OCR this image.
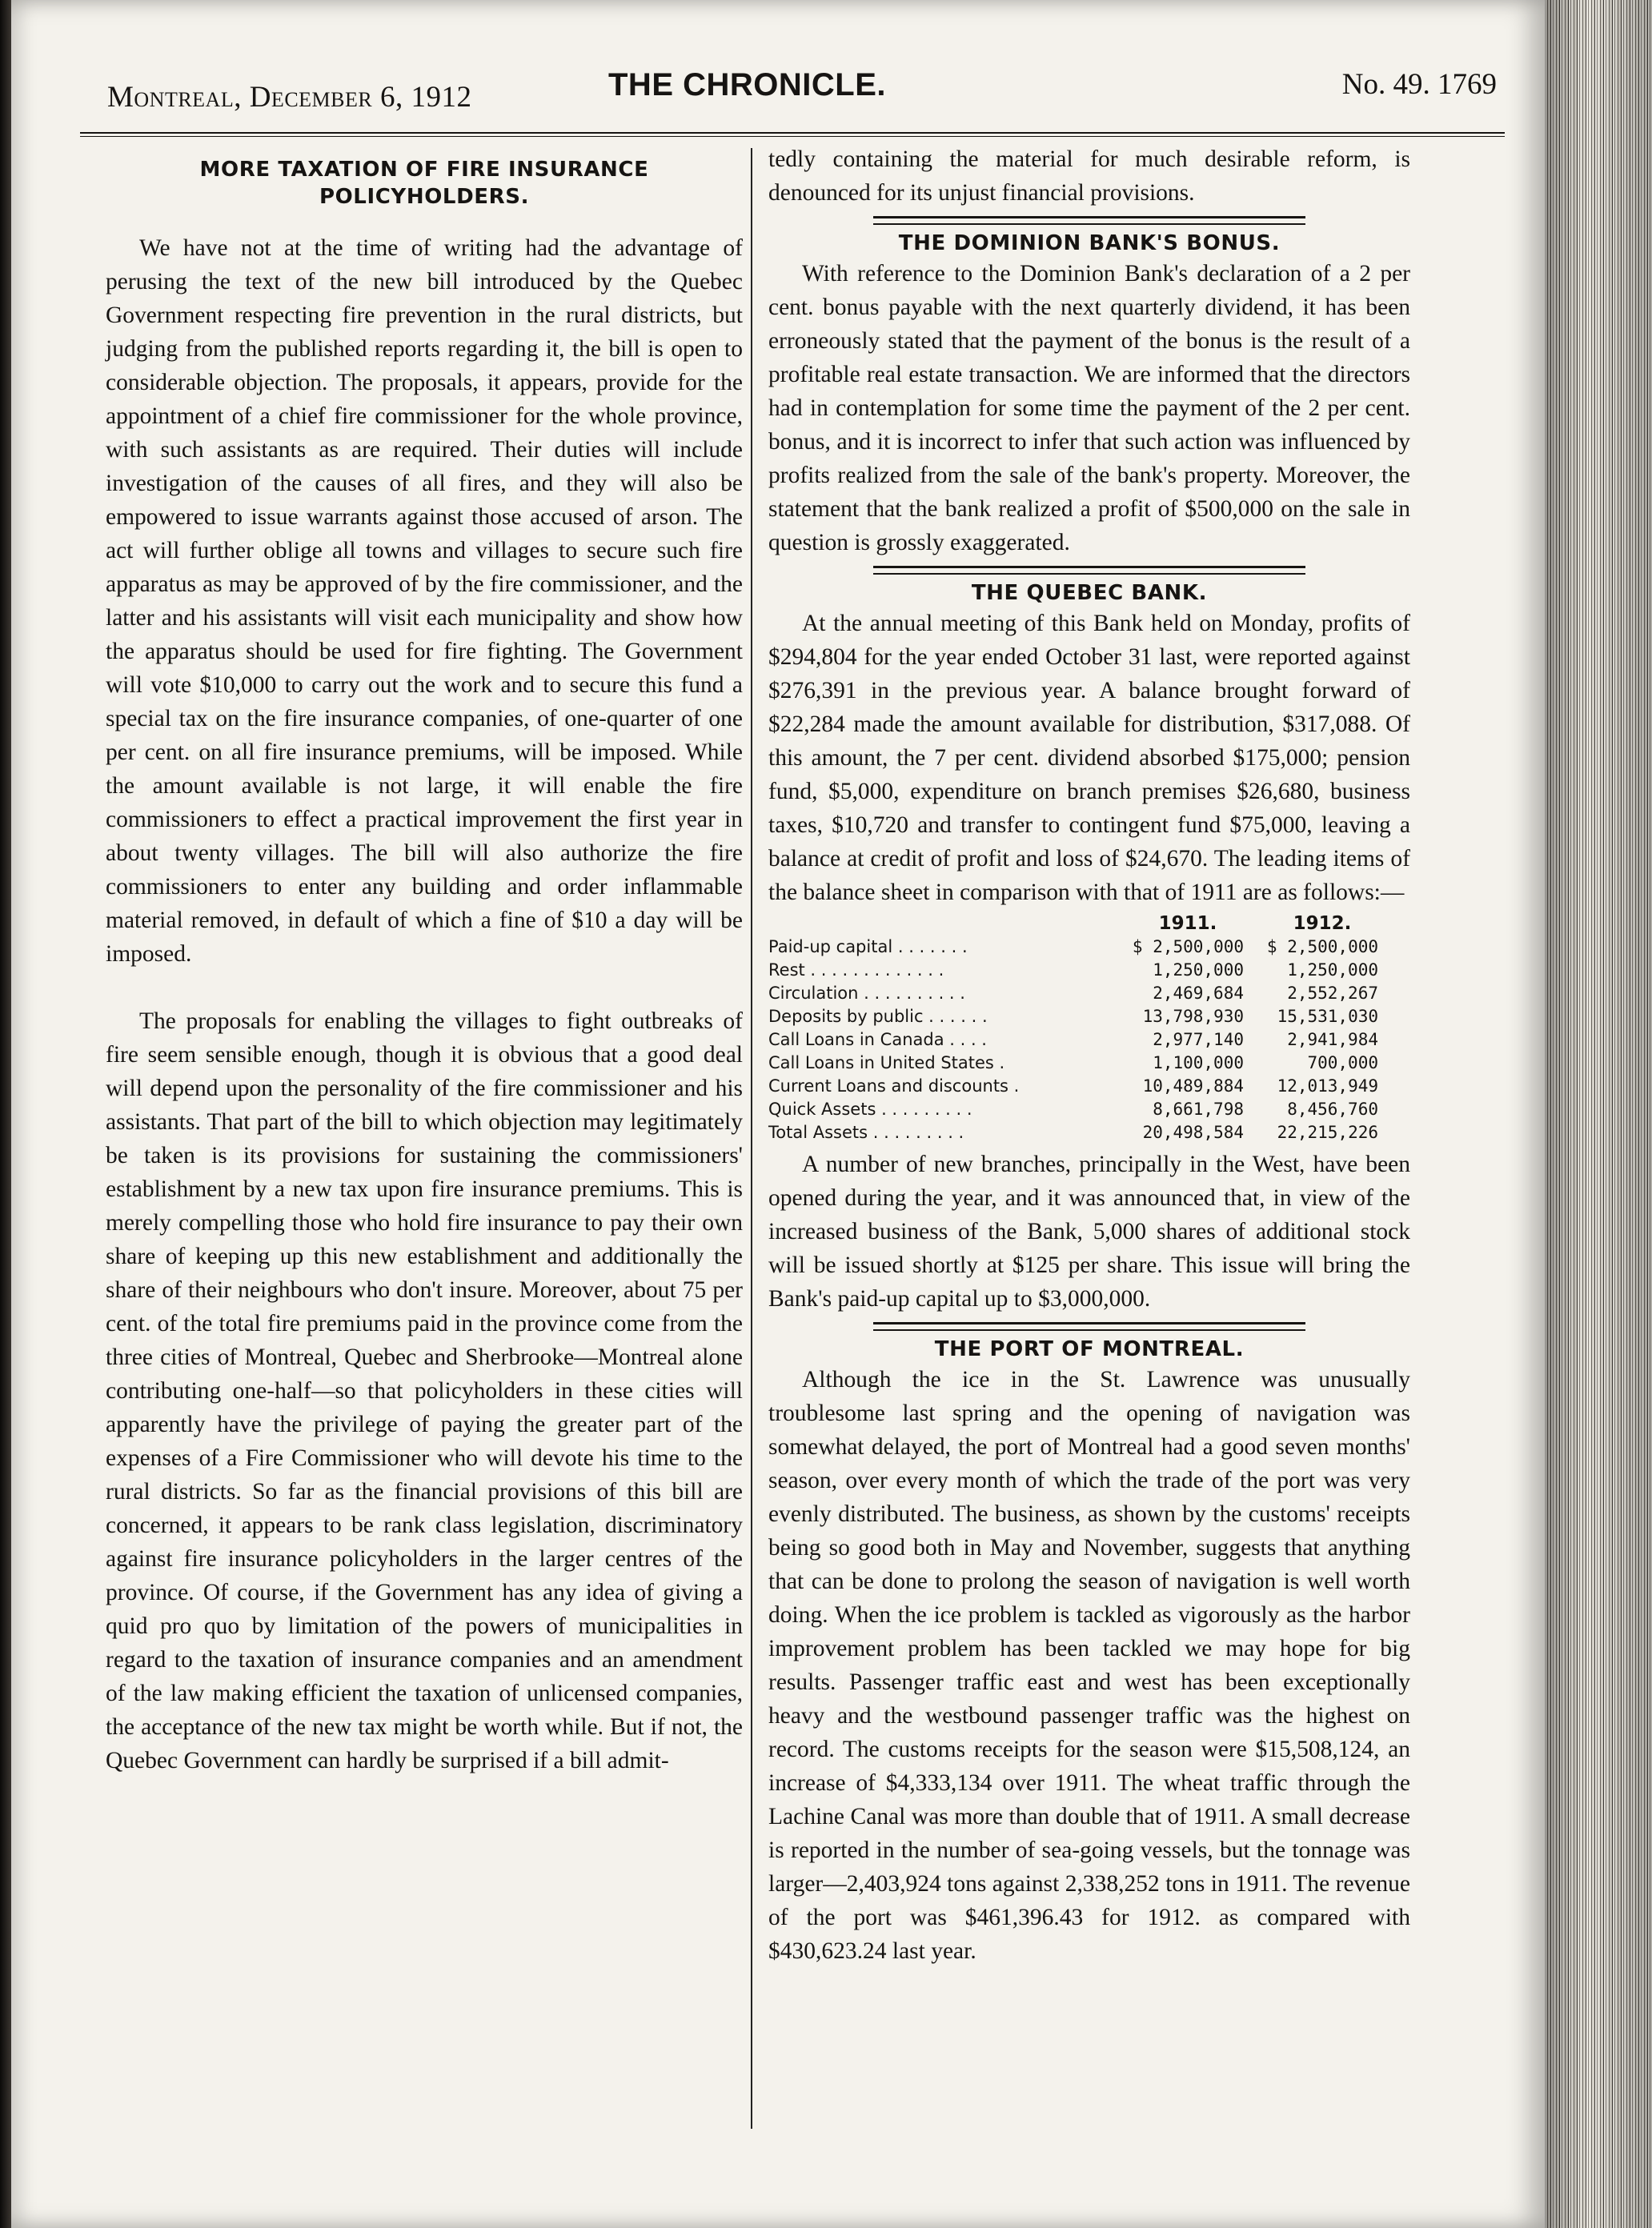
Montreal, December 6, 1912	THE CHRONICLE.	No. 49. 1769
MORE TAXATION OF FIRE INSURANCE POLICYHOLDERS.

We have not at the time of writing had the advantage of perusing the text of the new bill introduced by the Quebec Government respecting fire prevention in the rural districts, but judging from the published reports regarding it, the bill is open to considerable objection. The proposals, it appears, provide for the appointment of a chief fire commissioner for the whole province, with such assistants as are required. Their duties will include investigation of the causes of all fires, and they will also be empowered to issue warrants against those accused of arson. The act will further oblige all towns and villages to secure such fire apparatus as may be approved of by the fire commissioner, and the latter and his assistants will visit each municipality and show how the apparatus should be used for fire fighting. The Government will vote $10,000 to carry out the work and to secure this fund a special tax on the fire insurance companies, of one-quarter of one per cent. on all fire insurance premiums, will be imposed. While the amount available is not large, it will enable the fire commissioners to effect a practical improvement the first year in about twenty villages. The bill will also authorize the fire commissioners to enter any building and order inflammable material removed, in default of which a fine of $10 a day will be imposed.

The proposals for enabling the villages to fight outbreaks of fire seem sensible enough, though it is obvious that a good deal will depend upon the personality of the fire commissioner and his assistants. That part of the bill to which objection may legitimately be taken is its provisions for sustaining the commissioners' establishment by a new tax upon fire insurance premiums. This is merely compelling those who hold fire insurance to pay their own share of keeping up this new establishment and additionally the share of their neighbours who don't insure. Moreover, about 75 per cent. of the total fire premiums paid in the province come from the three cities of Montreal, Quebec and Sherbrooke—Montreal alone contributing one-half—so that policyholders in these cities will apparently have the privilege of paying the greater part of the expenses of a Fire Commissioner who will devote his time to the rural districts. So far as the financial provisions of this bill are concerned, it appears to be rank class legislation, discriminatory against fire insurance policyholders in the larger centres of the province. Of course, if the Government has any idea of giving a quid pro quo by limitation of the powers of municipalities in regard to the taxation of insurance companies and an amendment of the law making efficient the taxation of unlicensed companies, the acceptance of the new tax might be worth while. But if not, the Quebec Government can hardly be surprised if a bill admit-

tedly containing the material for much desirable reform, is denounced for its unjust financial provisions.

THE DOMINION BANK'S BONUS.

With reference to the Dominion Bank's declaration of a 2 per cent. bonus payable with the next quarterly dividend, it has been erroneously stated that the payment of the bonus is the result of a profitable real estate transaction. We are informed that the directors had in contemplation for some time the payment of the 2 per cent. bonus, and it is incorrect to infer that such action was influenced by profits realized from the sale of the bank's property. Moreover, the statement that the bank realized a profit of $500,000 on the sale in question is grossly exaggerated.

THE QUEBEC BANK.

At the annual meeting of this Bank held on Monday, profits of $294,804 for the year ended October 31 last, were reported against $276,391 in the previous year. A balance brought forward of $22,284 made the amount available for distribution, $317,088. Of this amount, the 7 per cent. dividend absorbed $175,000; pension fund, $5,000, expenditure on branch premises $26,680, business taxes, $10,720 and transfer to contingent fund $75,000, leaving a balance at credit of profit and loss of $24,670. The leading items of the balance sheet in comparison with that of 1911 are as follows:—

	1911.	1912.
Paid-up capital . . . . . . .	$ 2,500,000	$ 2,500,000
Rest . . . . . . . . . . . . .	1,250,000	1,250,000
Circulation . . . . . . . . . .	2,469,684	2,552,267
Deposits by public . . . . . .	13,798,930	15,531,030
Call Loans in Canada . . . .	2,977,140	2,941,984
Call Loans in United States .	1,100,000	700,000
Current Loans and discounts .	10,489,884	12,013,949
Quick Assets . . . . . . . . .	8,661,798	8,456,760
Total Assets . . . . . . . . .	20,498,584	22,215,226

A number of new branches, principally in the West, have been opened during the year, and it was announced that, in view of the increased business of the Bank, 5,000 shares of additional stock will be issued shortly at $125 per share. This issue will bring the Bank's paid-up capital up to $3,000,000.

THE PORT OF MONTREAL.

Although the ice in the St. Lawrence was unusually troublesome last spring and the opening of navigation was somewhat delayed, the port of Montreal had a good seven months' season, over every month of which the trade of the port was very evenly distributed. The business, as shown by the customs' receipts being so good both in May and November, suggests that anything that can be done to prolong the season of navigation is well worth doing. When the ice problem is tackled as vigorously as the harbor improvement problem has been tackled we may hope for big results. Passenger traffic east and west has been exceptionally heavy and the westbound passenger traffic was the highest on record. The customs receipts for the season were $15,508,124, an increase of $4,333,134 over 1911. The wheat traffic through the Lachine Canal was more than double that of 1911. A small decrease is reported in the number of sea-going vessels, but the tonnage was larger—2,403,924 tons against 2,338,252 tons in 1911. The revenue of the port was $461,396.43 for 1912. as compared with $430,623.24 last year.
